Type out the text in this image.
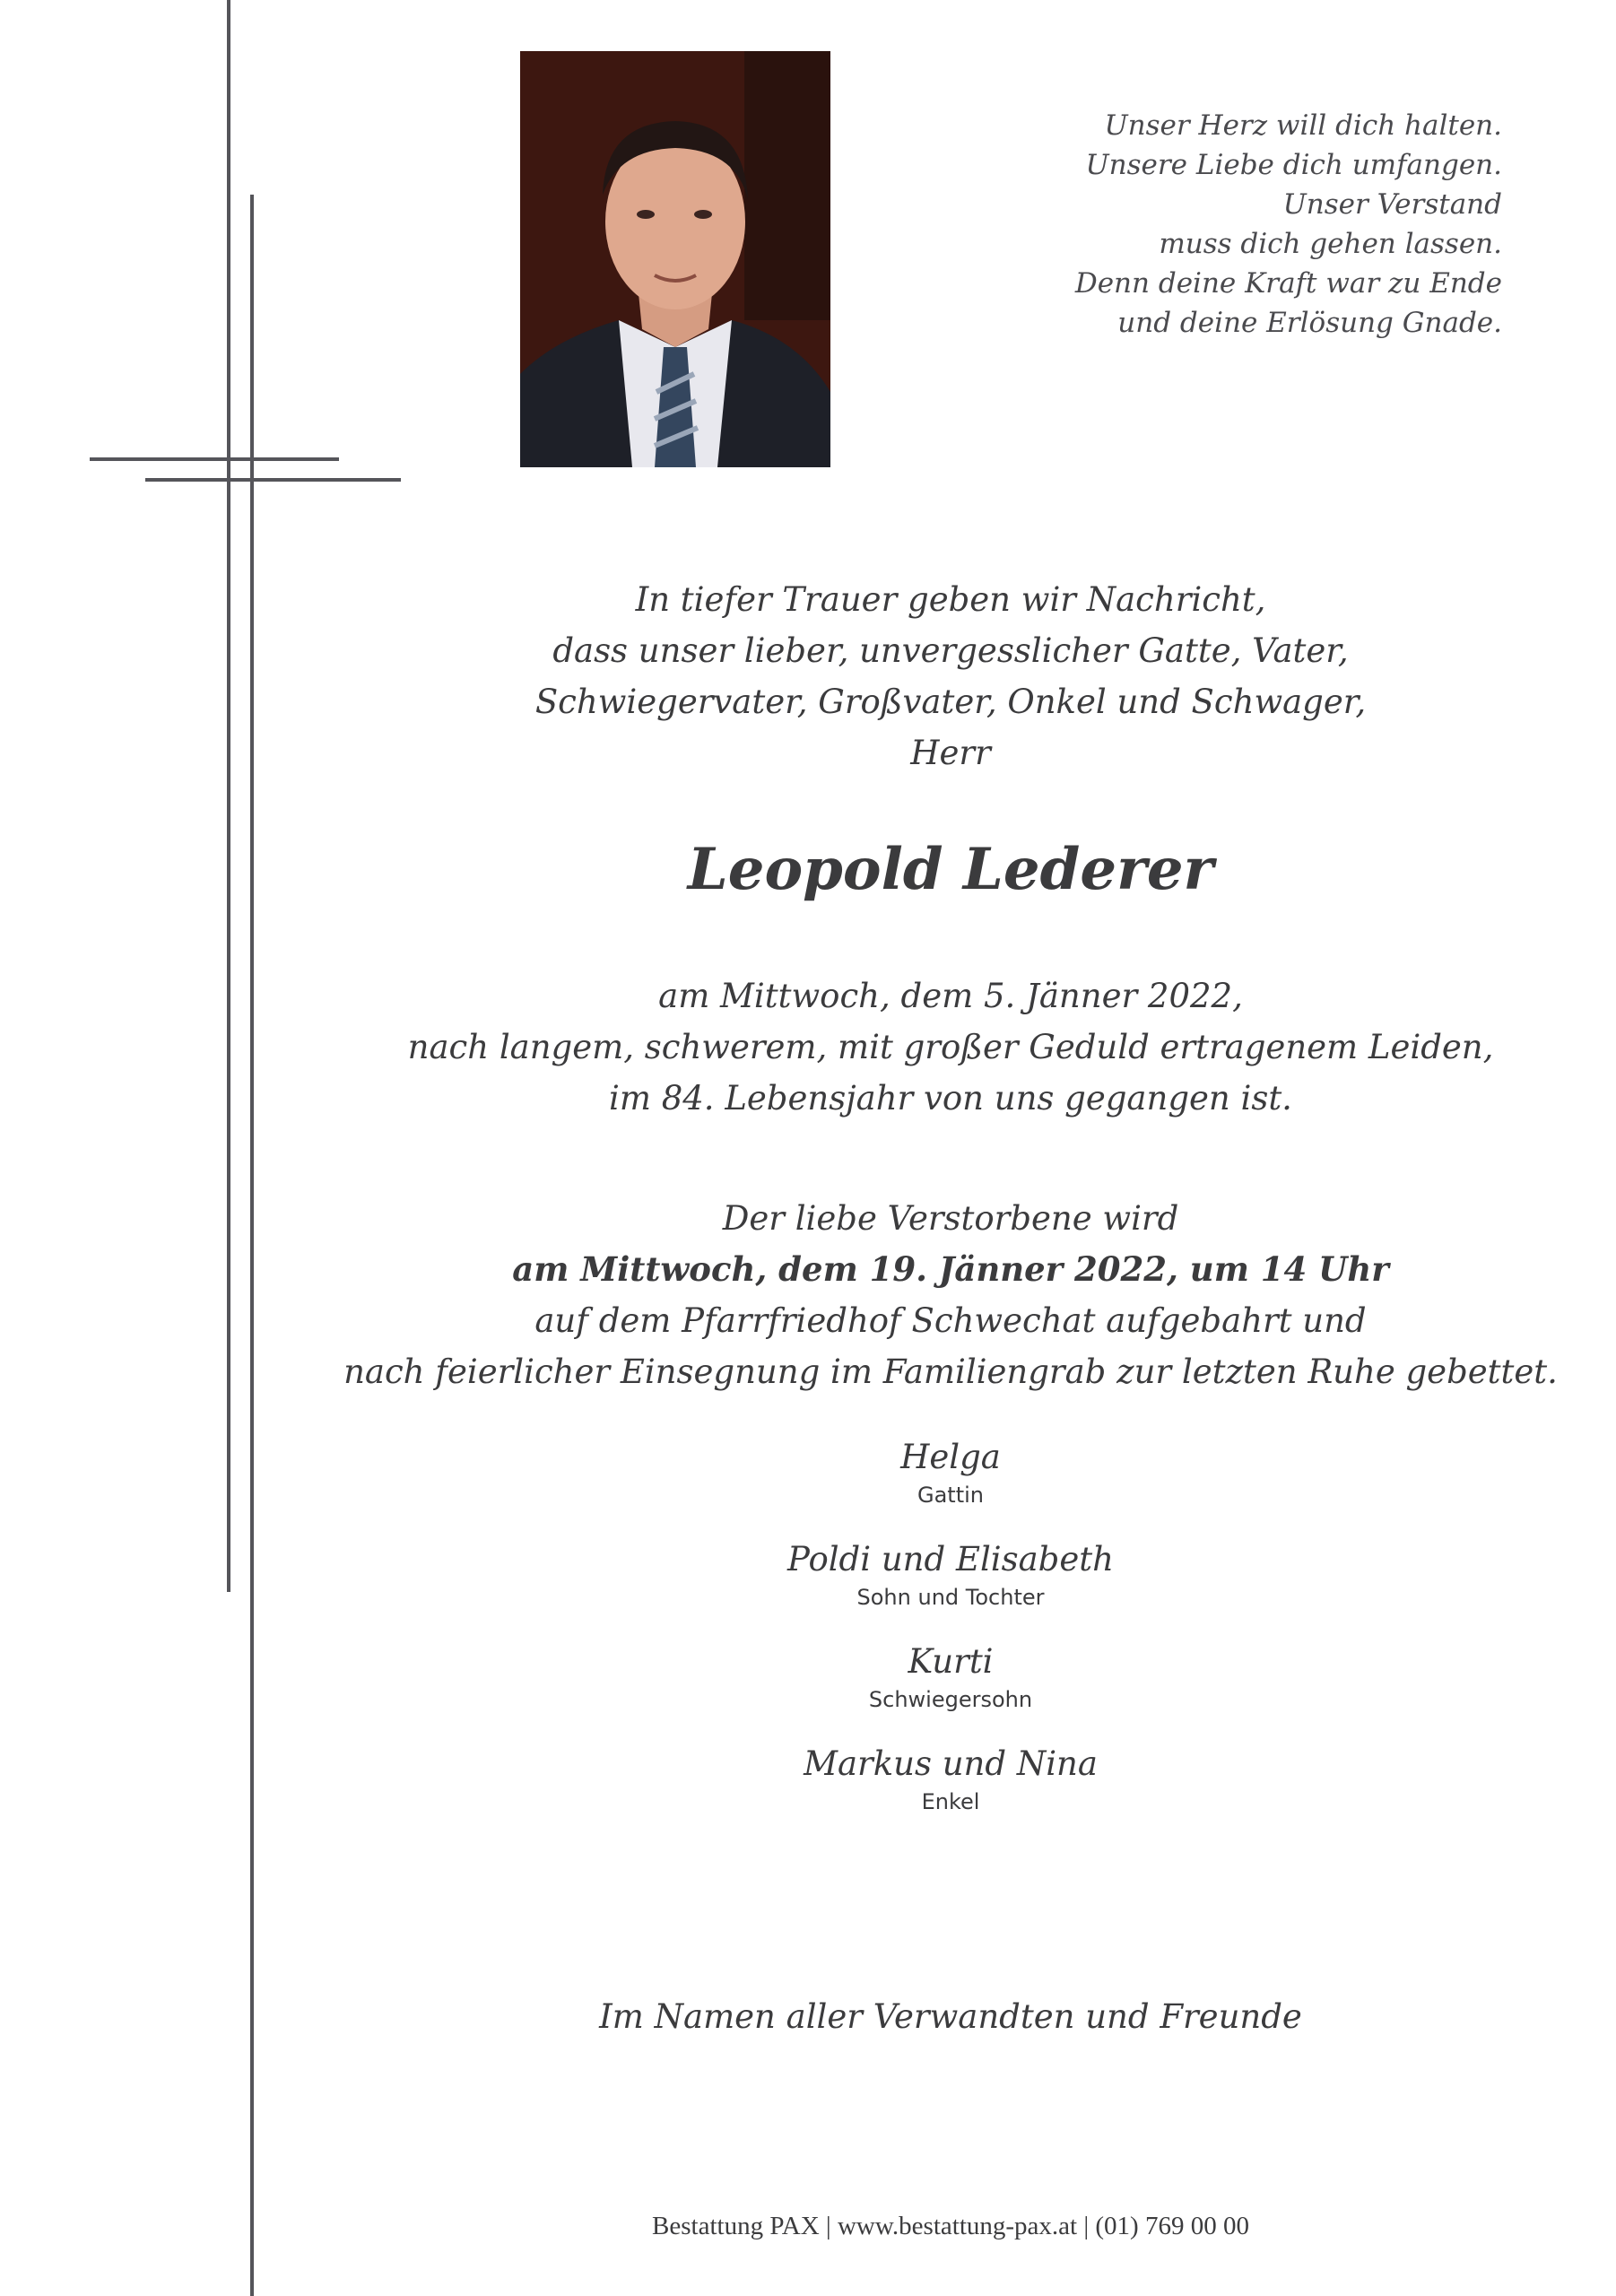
Unser Herz will dich halten.
Unsere Liebe dich umfangen.
Unser Verstand
muss dich gehen lassen.
Denn deine Kraft war zu Ende
und deine Erlösung Gnade.
In tiefer Trauer geben wir Nachricht,
dass unser lieber, unvergesslicher Gatte, Vater,
Schwiegervater, Großvater, Onkel und Schwager,
Herr
Leopold Lederer
am Mittwoch, dem 5. Jänner 2022,
nach langem, schwerem, mit großer Geduld ertragenem Leiden,
im 84. Lebensjahr von uns gegangen ist.
Der liebe Verstorbene wird
am Mittwoch, dem 19. Jänner 2022, um 14 Uhr
auf dem Pfarrfriedhof Schwechat aufgebahrt und
nach feierlicher Einsegnung im Familiengrab zur letzten Ruhe gebettet.
Helga
Gattin
Poldi und Elisabeth
Sohn und Tochter
Kurti
Schwiegersohn
Markus und Nina
Enkel
Im Namen aller Verwandten und Freunde
Bestattung PAX | www.bestattung-pax.at | (01) 769 00 00
